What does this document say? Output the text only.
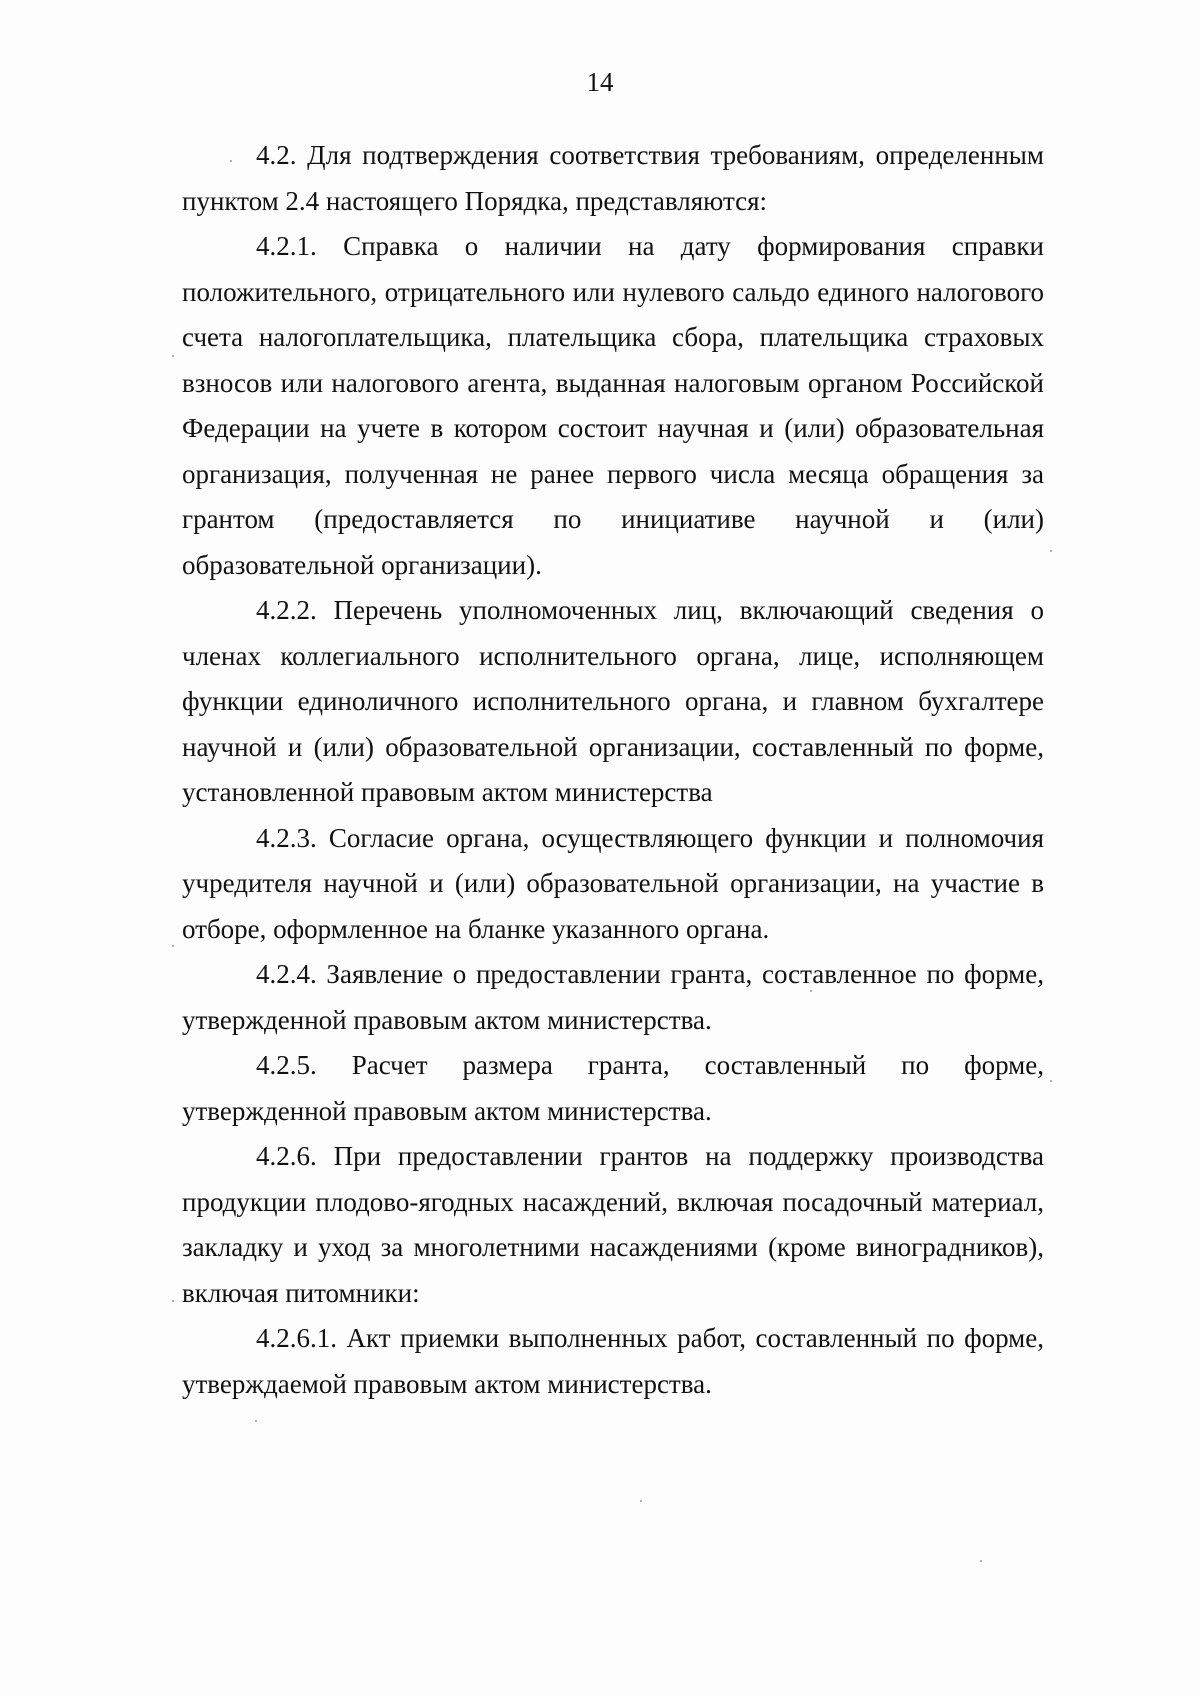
14

4.2. Для подтверждения соответствия требованиям, определенным пунктом 2.4 настоящего Порядка, представляются:

4.2.1. Справка о наличии на дату формирования справки положительного, отрицательного или нулевого сальдо единого налогового счета налогоплательщика, плательщика сбора, плательщика страховых взносов или налогового агента, выданная налоговым органом Российской Федерации на учете в котором состоит научная и (или) образовательная организация, полученная не ранее первого числа месяца обращения за грантом (предоставляется по инициативе научной и (или) образовательной организации).

4.2.2. Перечень уполномоченных лиц, включающий сведения о членах коллегиального исполнительного органа, лице, исполняющем функции единоличного исполнительного органа, и главном бухгалтере научной и (или) образовательной организации, составленный по форме, установленной правовым актом министерства

4.2.3. Согласие органа, осуществляющего функции и полномочия учредителя научной и (или) образовательной организации, на участие в отборе, оформленное на бланке указанного органа.

4.2.4. Заявление о предоставлении гранта, составленное по форме, утвержденной правовым актом министерства.

4.2.5. Расчет размера гранта, составленный по форме, утвержденной правовым актом министерства.

4.2.6. При предоставлении грантов на поддержку производства продукции плодово-ягодных насаждений, включая посадочный материал, закладку и уход за многолетними насаждениями (кроме виноградников), включая питомники:

4.2.6.1. Акт приемки выполненных работ, составленный по форме, утверждаемой правовым актом министерства.
